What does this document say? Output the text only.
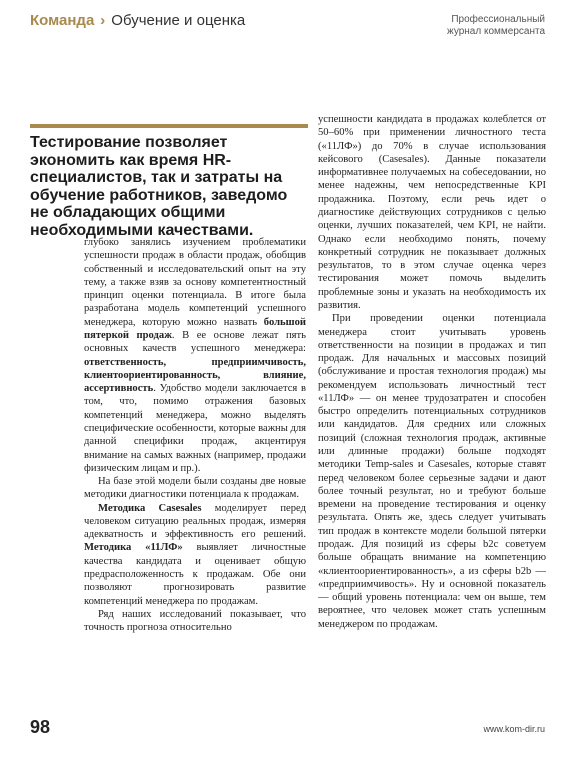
Команда › Обучение и оценка	Профессиональный
журнал коммерсанта
Тестирование позволяет экономить как время HR-специалистов, так и затраты на обучение работников, заведомо не обладающих общими необходимыми качествами.

глубоко занялись изучением проблематики успешности продаж в области продаж, обобщив собственный и исследовательский опыт на эту тему, а также взяв за основу компетентностный принцип оценки потенциала. В итоге была разработана модель компетенций успешного менеджера, которую можно назвать большой пятеркой продаж. В ее основе лежат пять основных качеств успешного менеджера: ответственность, предприимчивость, клиентоориентированность, влияние, ассертивность. Удобство модели заключается в том, что, помимо отражения базовых компетенций менеджера, можно выделять специфические особенности, которые важны для данной специфики продаж, акцентируя внимание на самых важных (например, продажи физическим лицам и пр.).

На базе этой модели были созданы две новые методики диагностики потенциала к продажам.

Методика Casesales моделирует перед человеком ситуацию реальных продаж, измеряя адекватность и эффективность его решений. Методика «11ЛФ» выявляет личностные качества кандидата и оценивает общую предрасположенность к продажам. Обе они позволяют прогнозировать развитие компетенций менеджера по продажам.

Ряд наших исследований показывает, что точность прогноза относительно

успешности кандидата в продажах колеблется от 50–60% при применении личностного теста («11ЛФ») до 70% в случае использования кейсового (Casesales). Данные показатели информативнее получаемых на собеседовании, но менее надежны, чем непосредственные KPI продажника. Поэтому, если речь идет о диагностике действующих сотрудников с целью оценки, лучших показателей, чем KPI, не найти. Однако если необходимо понять, почему конкретный сотрудник не показывает должных результатов, то в этом случае оценка через тестирования может помочь выделить проблемные зоны и указать на необходимость их развития.

При проведении оценки потенциала менеджера стоит учитывать уровень ответственности на позиции в продажах и тип продаж. Для начальных и массовых позиций (обслуживание и простая технология продаж) мы рекомендуем использовать личностный тест «11ЛФ» — он менее трудозатратен и способен быстро определить потенциальных сотрудников или кандидатов. Для средних или сложных позиций (сложная технология продаж, активные или длинные продажи) больше подходят методики Temp-sales и Casesales, которые ставят перед человеком более серьезные задачи и дают более точный результат, но и требуют больше времени на проведение тестирования и оценку результата. Опять же, здесь следует учитывать тип продаж в контексте модели большой пятерки продаж. Для позиций из сферы b2c советуем больше обращать внимание на компетенцию «клиентоориентированность», а из сферы b2b — «предприимчивость». Ну и основной показатель — общий уровень потенциала: чем он выше, тем вероятнее, что человек может стать успешным менеджером по продажам.

98	www.kom-dir.ru
